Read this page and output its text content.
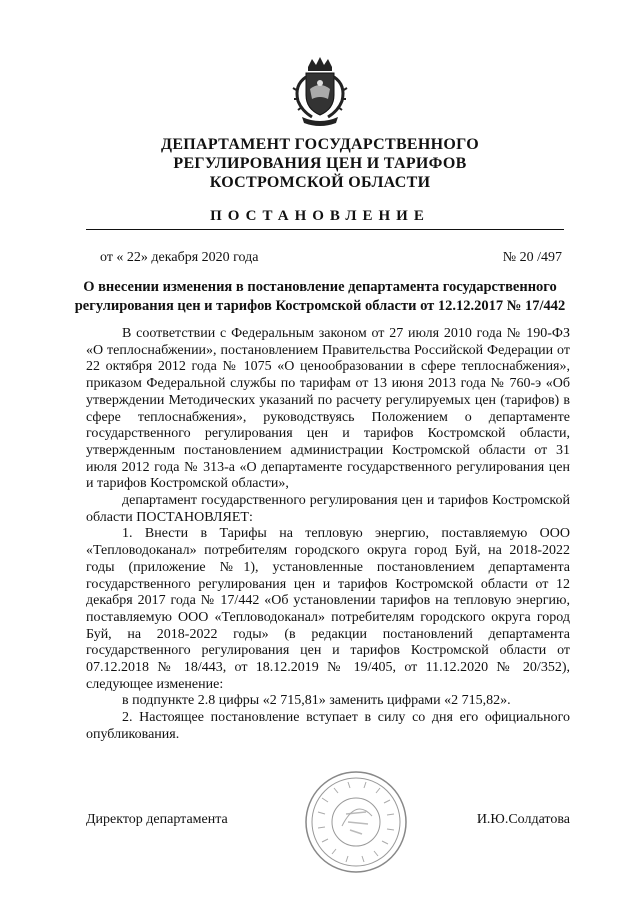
ДЕПАРТАМЕНТ ГОСУДАРСТВЕННОГО
РЕГУЛИРОВАНИЯ ЦЕН И ТАРИФОВ
КОСТРОМСКОЙ ОБЛАСТИ
ПОСТАНОВЛЕНИЕ
от « 22» декабря 2020 года	№ 20 /497
О внесении изменения в постановление департамента государственного регулирования цен и тарифов Костромской области от 12.12.2017 № 17/442

В соответствии с Федеральным законом от 27 июля 2010 года № 190-ФЗ «О теплоснабжении», постановлением Правительства Российской Федерации от 22 октября 2012 года № 1075 «О ценообразовании в сфере теплоснабжения», приказом Федеральной службы по тарифам от 13 июня 2013 года № 760-э «Об утверждении Методических указаний по расчету регулируемых цен (тарифов) в сфере теплоснабжения», руководствуясь Положением о департаменте государственного регулирования цен и тарифов Костромской области, утвержденным постановлением администрации Костромской области от 31 июля 2012 года № 313-а «О департаменте государственного регулирования цен и тарифов Костромской области»,

департамент государственного регулирования цен и тарифов Костромской области ПОСТАНОВЛЯЕТ:

1. Внести в Тарифы на тепловую энергию, поставляемую ООО «Тепловодоканал» потребителям городского округа город Буй, на 2018-2022 годы (приложение №1), установленные постановлением департамента государственного регулирования цен и тарифов Костромской области от 12 декабря 2017 года № 17/442 «Об установлении тарифов на тепловую энергию, поставляемую ООО «Тепловодоканал» потребителям городского округа город Буй, на 2018-2022 годы» (в редакции постановлений департамента государственного регулирования цен и тарифов Костромской области от 07.12.2018 № 18/443, от 18.12.2019 № 19/405, от 11.12.2020 № 20/352), следующее изменение:

в подпункте 2.8 цифры «2 715,81» заменить цифрами «2 715,82».

2. Настоящее постановление вступает в силу со дня его официального опубликования.

Директор департамента	И.Ю.Солдатова
